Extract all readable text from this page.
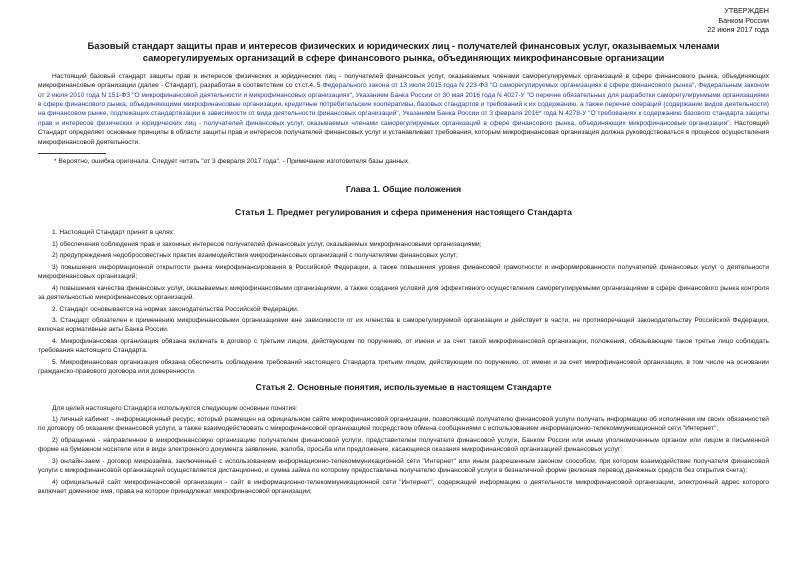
УТВЕРЖДЕН
Банком России
22 июня 2017 года
Базовый стандарт защиты прав и интересов физических и юридических лиц - получателей финансовых услуг, оказываемых членами саморегулируемых организаций в сфере финансового рынка, объединяющих микрофинансовые организации

Настоящий базовый стандарт защиты прав и интересов физических и юридических лиц - получателей финансовых услуг, оказываемых членами саморегулируемых организаций в сфере финансового рынка, объединяющих микрофинансовые организации (далее - Стандарт), разработан в соответствии со ст.ст.4, 5 Федерального закона от 13 июля 2015 года N 223-ФЗ "О саморегулируемых организациях в сфере финансового рынка", Федеральным законом от 2 июля 2010 года N 151-ФЗ "О микрофинансовой деятельности и микрофинансовых организациях", Указанием Банка России от 30 мая 2016 года N 4027-У "О перечне обязательных для разработки саморегулируемыми организациями в сфере финансового рынка, объединяющими микрофинансовые организации, кредитные потребительские кооперативы, базовых стандартов и требований к их содержанию, а также перечне операций (содержании видов деятельности) на финансовом рынке, подлежащих стандартизации в зависимости от вида деятельности финансовых организаций", Указанием Банка России от 3 февраля 2016* года N 4278-У "О требованиях к содержанию базового стандарта защиты прав и интересов физических и юридических лиц - получателей финансовых услуг, оказываемых членами саморегулируемых организаций в сфере финансового рынка, объединяющих микрофинансовые организации". Настоящий Стандарт определяет основные принципы в области защиты прав и интересов получателей финансовых услуг и устанавливает требования, которым микрофинансовая организация должна руководствоваться в процессе осуществления микрофинансовой деятельности.

* Вероятно, ошибка оригинала. Следует читать "от 3 февраля 2017 года". - Примечание изготовителя базы данных.
Глава 1. Общие положения
Статья 1. Предмет регулирования и сфера применения настоящего Стандарта

1. Настоящий Стандарт принят в целях:

1) обеспечения соблюдения прав и законных интересов получателей финансовых услуг, оказываемых микрофинансовыми организациями;

2) предупреждения недобросовестных практик взаимодействия микрофинансовых организаций с получателями финансовых услуг;

3) повышения информационной открытости рынка микрофинансирования в Российской Федерации, а также повышения уровня финансовой грамотности и информированности получателей финансовых услуг о деятельности микрофинансовых организаций;

4) повышения качества финансовых услуг, оказываемых микрофинансовыми организациями, а также создания условий для эффективного осуществления саморегулируемыми организациями в сфере финансового рынка контроля за деятельностью микрофинансовых организаций.

2. Стандарт основывается на нормах законодательства Российской Федерации.

3. Стандарт обязателен к применению микрофинансовыми организациями вне зависимости от их членства в саморегулируемой организации и действует в части, не противоречащей законодательству Российской Федерации, включая нормативные акты Банка России.

4. Микрофинансовая организация обязана включать в договор с третьим лицом, действующим по поручению, от имени и за счет такой микрофинансовой организации, положения, обязывающие такое третье лицо соблюдать требования настоящего Стандарта.

5. Микрофинансовая организация обязана обеспечить соблюдение требований настоящего Стандарта третьим лицом, действующим по поручению, от имени и за счет микрофинансовой организации, в том числе на основании гражданско-правового договора или доверенности.

Статья 2. Основные понятия, используемые в настоящем Стандарте

Для целей настоящего Стандарта используются следующие основные понятия:

1) личный кабинет - информационный ресурс, который размещен на официальном сайте микрофинансовой организации, позволяющий получателю финансовой услуги получать информацию об исполнении им своих обязанностей по договору об оказании финансовой услуги, а также взаимодействовать с микрофинансовой организацией посредством обмена сообщениями с использованием информационно-телекоммуникационной сети "Интернет";

2) обращение - направленное в микрофинансовую организацию получателем финансовой услуги, представителем получателя финансовой услуги, Банком России или иным уполномоченным органом или лицом в письменной форме на бумажном носителе или в виде электронного документа заявление, жалоба, просьба или предложение, касающиеся оказания микрофинансовой организацией финансовых услуг;

3) онлайн-заем - договор микрозайма, заключенный с использованием информационно-телекоммуникационной сети "Интернет" или иным разрешенным законом способом, при котором взаимодействие получателя финансовой услуги с микрофинансовой организацией осуществляется дистанционно, и сумма займа по которому предоставлена получателю финансовой услуги в безналичной форме (включая перевод денежных средств без открытия счета);

4) официальный сайт микрофинансовой организации - сайт в информационно-телекоммуникационной сети "Интернет", содержащий информацию о деятельности микрофинансовой организации, электронный адрес которого включает доменное имя, права на которое принадлежат микрофинансовой организации;
